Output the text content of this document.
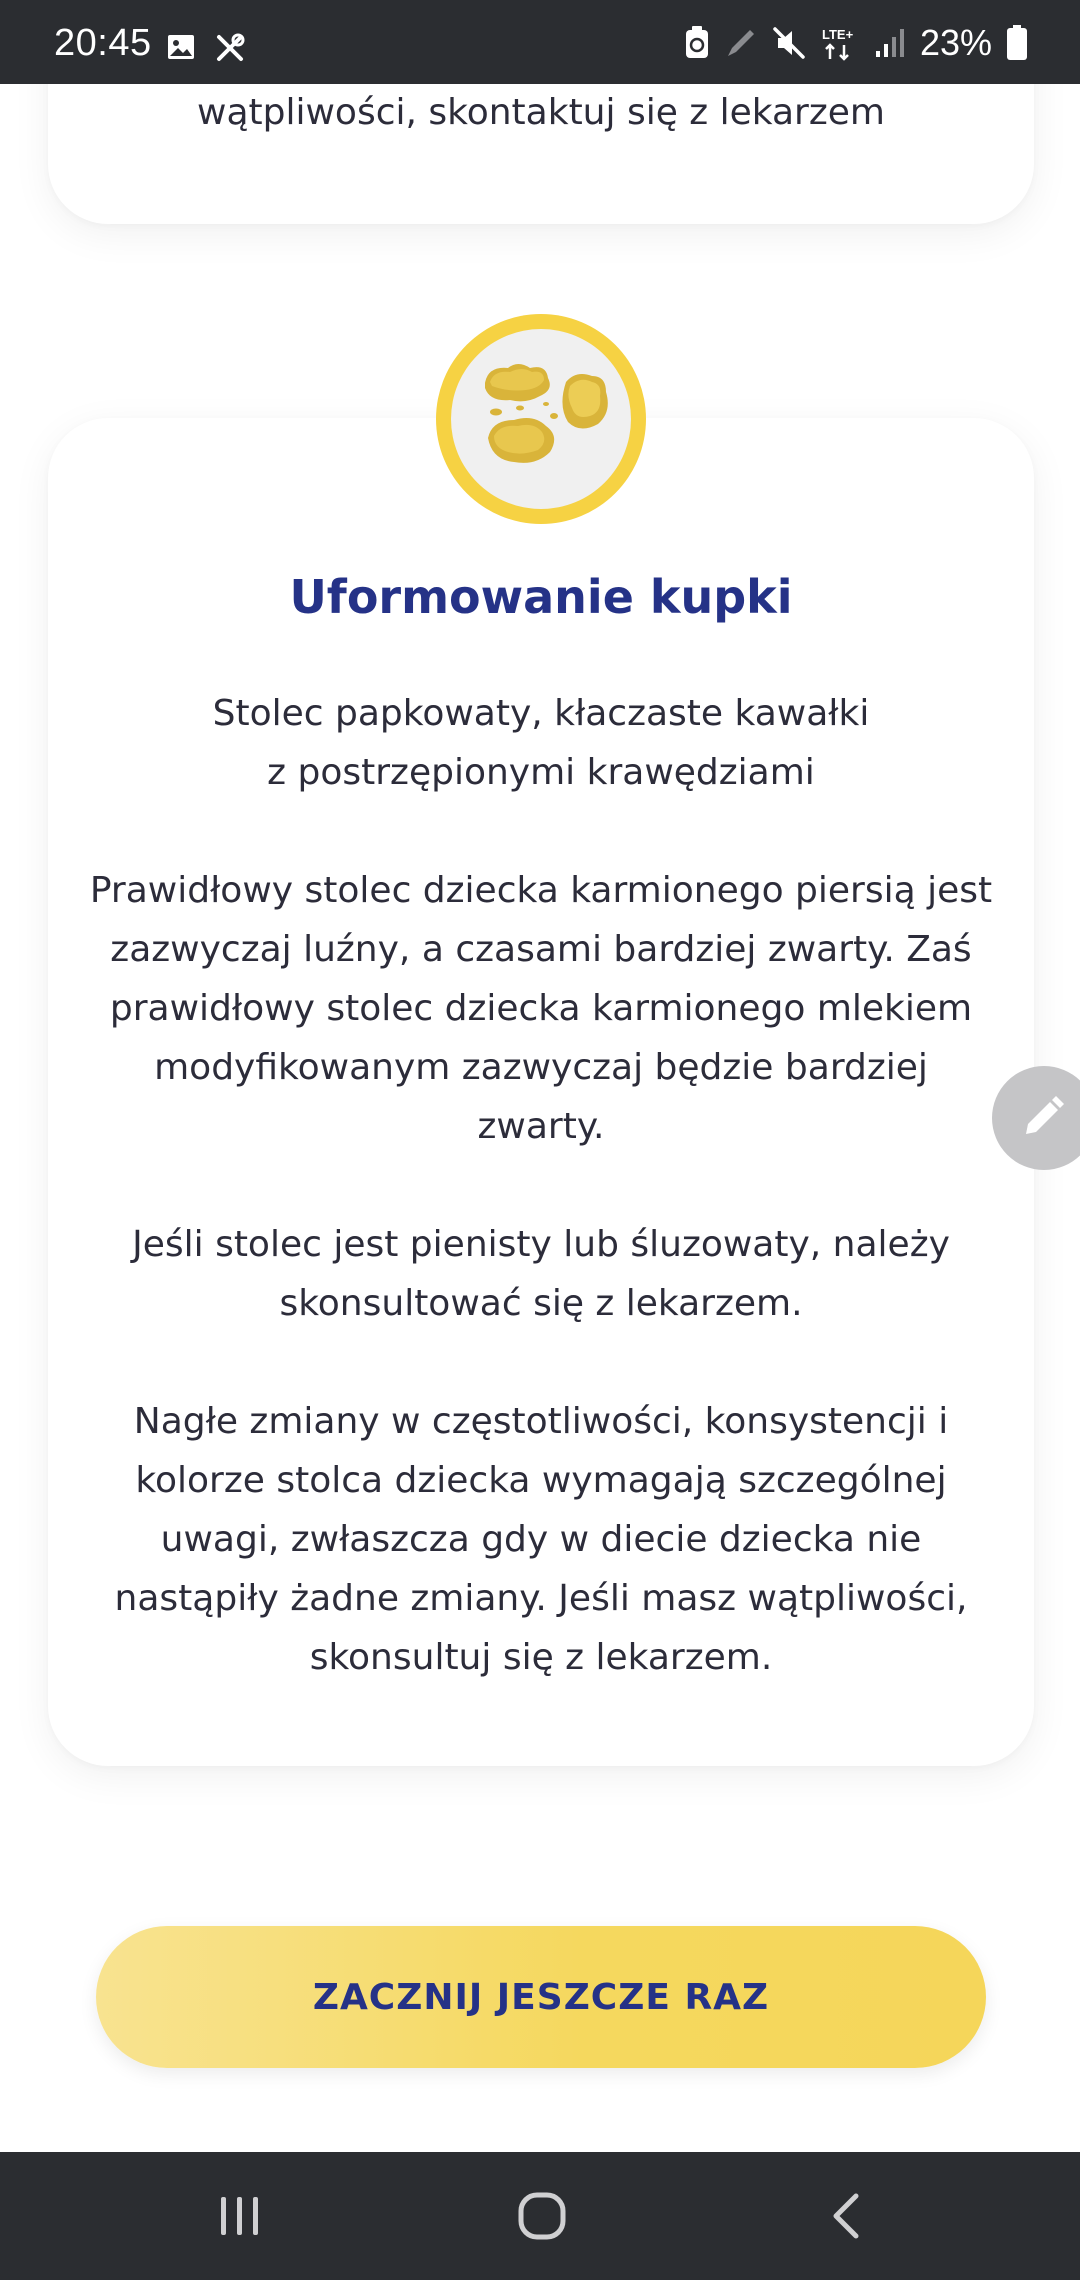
20:45	LTE+ 23%
wątpliwości, skontaktuj się z lekarzem
Uformowanie kupki

Stolec papkowaty, kłaczaste kawałki
z postrzępionymi krawędziami

Prawidłowy stolec dziecka karmionego piersią jest zazwyczaj luźny, a czasami bardziej zwarty. Zaś prawidłowy stolec dziecka karmionego mlekiem modyfikowanym zazwyczaj będzie bardziej zwarty.

Jeśli stolec jest pienisty lub śluzowaty, należy skonsultować się z lekarzem.

Nagłe zmiany w częstotliwości, konsystencji i kolorze stolca dziecka wymagają szczególnej uwagi, zwłaszcza gdy w diecie dziecka nie nastąpiły żadne zmiany. Jeśli masz wątpliwości, skonsultuj się z lekarzem.

ZACZNIJ JESZCZE RAZ
